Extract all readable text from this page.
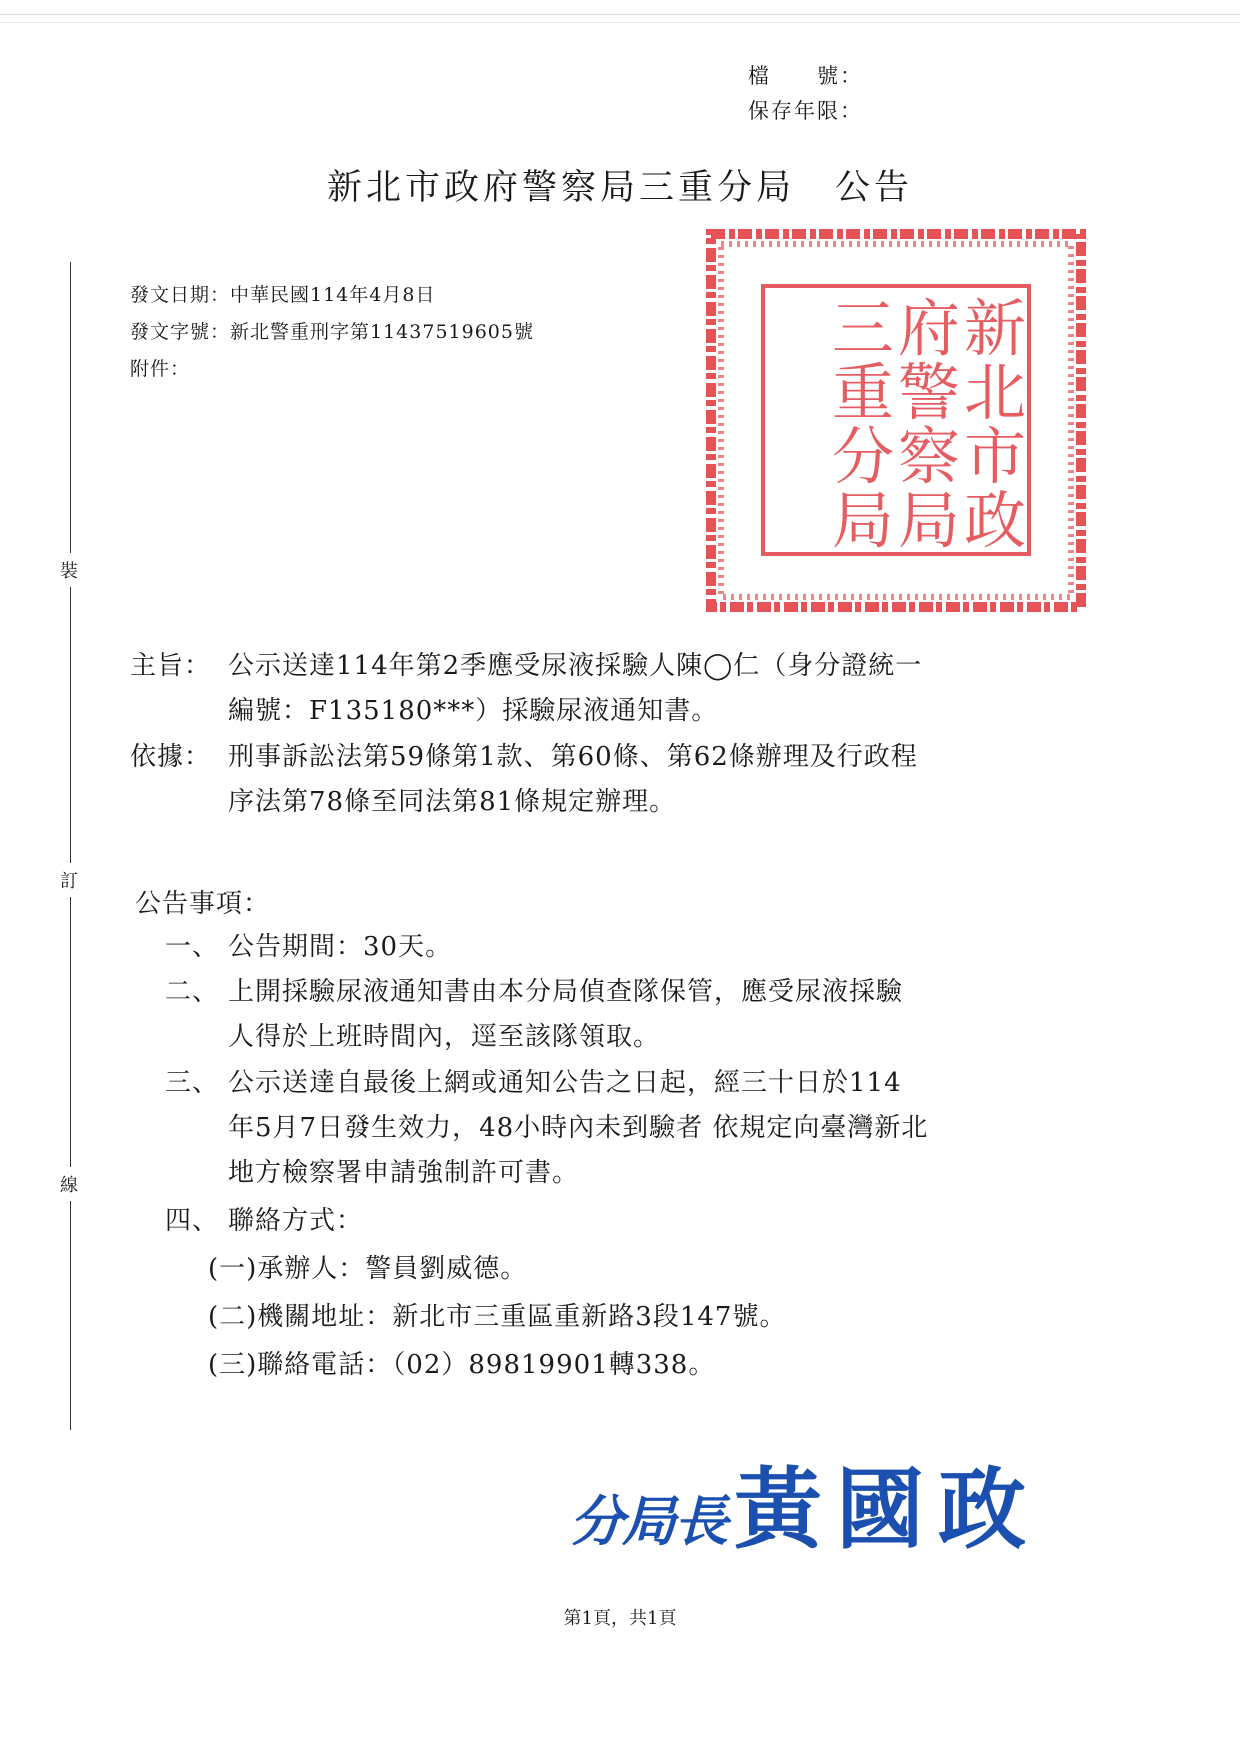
檔　　號：
保存年限：
新北市政府警察局三重分局 公告
裝
訂
線
發文日期：中華民國114年4月8日
發文字號：新北警重刑字第11437519605號
附件：
新
北
市
政
府
警
察
局
三
重
分
局
主旨： 公示送達114年第2季應受尿液採驗人陳◯仁（身分證統一
編號：F135180***）採驗尿液通知書。
依據： 刑事訴訟法第59條第1款、第60條、第62條辦理及行政程
序法第78條至同法第81條規定辦理。
公告事項：
一、 公告期間：30天。
二、 上開採驗尿液通知書由本分局偵查隊保管，應受尿液採驗
人得於上班時間內，逕至該隊領取。
三、 公示送達自最後上網或通知公告之日起，經三十日於114
年5月7日發生效力，48小時內未到驗者 依規定向臺灣新北
地方檢察署申請強制許可書。
四、 聯絡方式：
(一)承辦人：警員劉威德。
(二)機關地址：新北市三重區重新路3段147號。
(三)聯絡電話：（02）89819901轉338。
分局長黃國政
第1頁，共1頁
